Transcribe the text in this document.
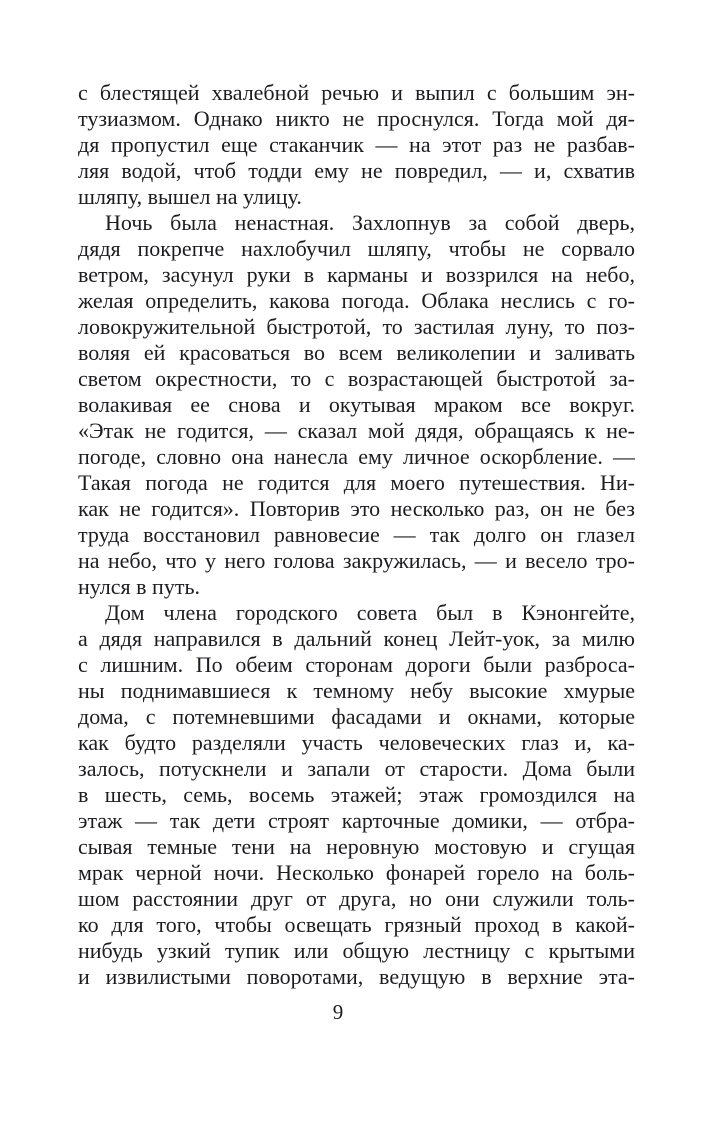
с блестящей хвалебной речью и выпил с большим эн-
тузиазмом. Однако никто не проснулся. Тогда мой дя-
дя пропустил еще стаканчик — на этот раз не разбав-
ляя водой, чтоб тодди ему не повредил, — и, схватив
шляпу, вышел на улицу.
Ночь была ненастная. Захлопнув за собой дверь,
дядя покрепче нахлобучил шляпу, чтобы не сорвало
ветром, засунул руки в карманы и воззрился на небо,
желая определить, какова погода. Облака неслись с го-
ловокружительной быстротой, то застилая луну, то поз-
воляя ей красоваться во всем великолепии и заливать
светом окрестности, то с возрастающей быстротой за-
волакивая ее снова и окутывая мраком все вокруг.
«Этак не годится, — сказал мой дядя, обращаясь к не-
погоде, словно она нанесла ему личное оскорбление. —
Такая погода не годится для моего путешествия. Ни-
как не годится». Повторив это несколько раз, он не без
труда восстановил равновесие — так долго он глазел
на небо, что у него голова закружилась, — и весело тро-
нулся в путь.
Дом члена городского совета был в Кэнонгейте,
а дядя направился в дальний конец Лейт-уок, за милю
с лишним. По обеим сторонам дороги были разброса-
ны поднимавшиеся к темному небу высокие хмурые
дома, с потемневшими фасадами и окнами, которые
как будто разделяли участь человеческих глаз и, ка-
залось, потускнели и запали от старости. Дома были
в шесть, семь, восемь этажей; этаж громоздился на
этаж — так дети строят карточные домики, — отбра-
сывая темные тени на неровную мостовую и сгущая
мрак черной ночи. Несколько фонарей горело на боль-
шом расстоянии друг от друга, но они служили толь-
ко для того, чтобы освещать грязный проход в какой-
нибудь узкий тупик или общую лестницу с крытыми
и извилистыми поворотами, ведущую в верхние эта-
9
